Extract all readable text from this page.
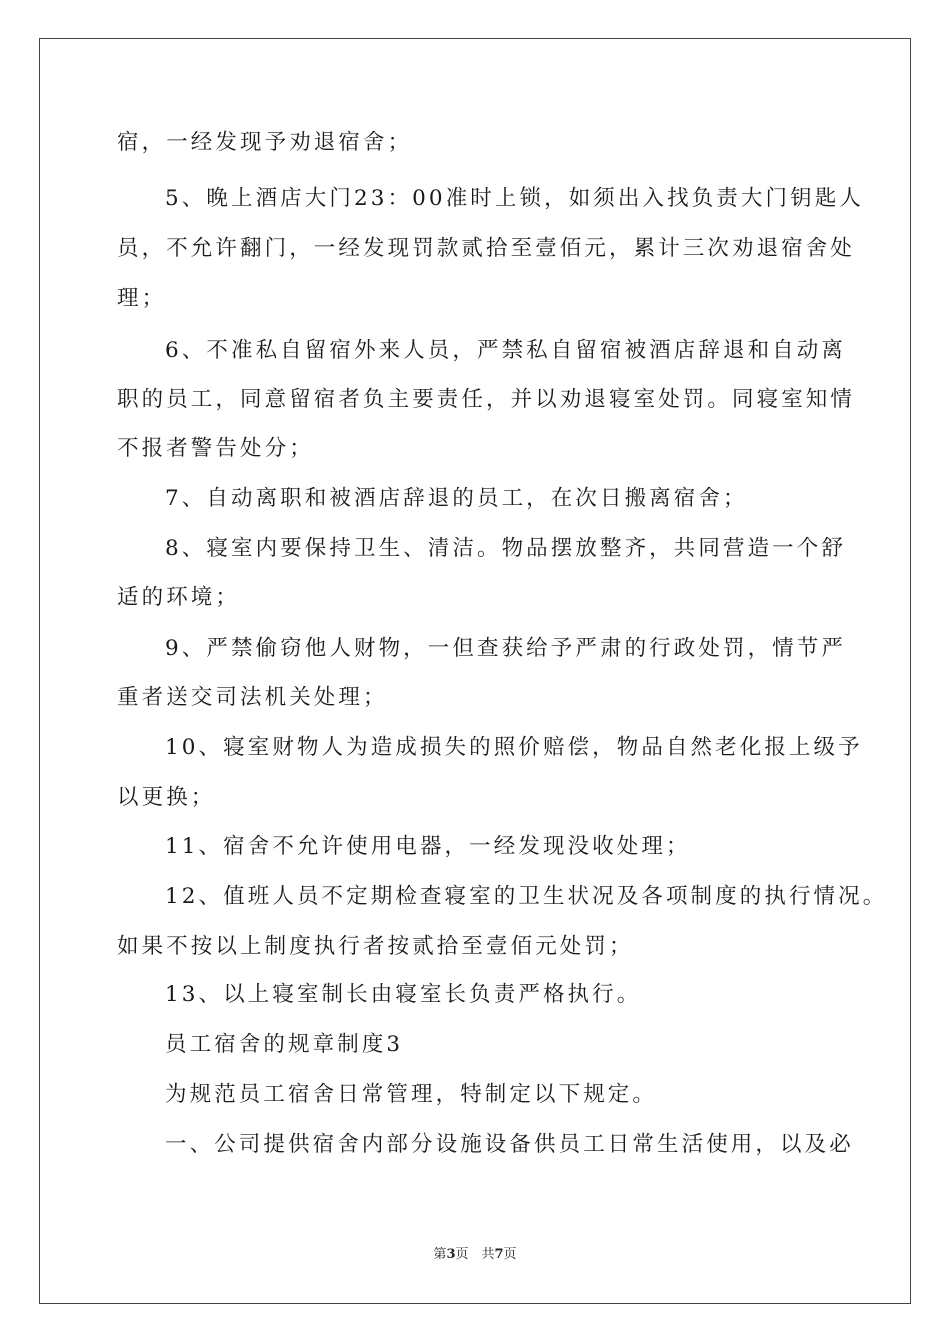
宿，一经发现予劝退宿舍；
5、晚上酒店大门23：00准时上锁，如须出入找负责大门钥匙人
员，不允许翻门，一经发现罚款贰拾至壹佰元，累计三次劝退宿舍处
理；
6、不准私自留宿外来人员，严禁私自留宿被酒店辞退和自动离
职的员工，同意留宿者负主要责任，并以劝退寝室处罚。同寝室知情
不报者警告处分；
7、自动离职和被酒店辞退的员工，在次日搬离宿舍；
8、寝室内要保持卫生、清洁。物品摆放整齐，共同营造一个舒
适的环境；
9、严禁偷窃他人财物，一但查获给予严肃的行政处罚，情节严
重者送交司法机关处理；
10、寝室财物人为造成损失的照价赔偿，物品自然老化报上级予
以更换；
11、宿舍不允许使用电器，一经发现没收处理；
12、值班人员不定期检查寝室的卫生状况及各项制度的执行情况。
如果不按以上制度执行者按贰拾至壹佰元处罚；
13、以上寝室制长由寝室长负责严格执行。
员工宿舍的规章制度3
为规范员工宿舍日常管理，特制定以下规定。
一、公司提供宿舍内部分设施设备供员工日常生活使用，以及必
第3页　共7页
